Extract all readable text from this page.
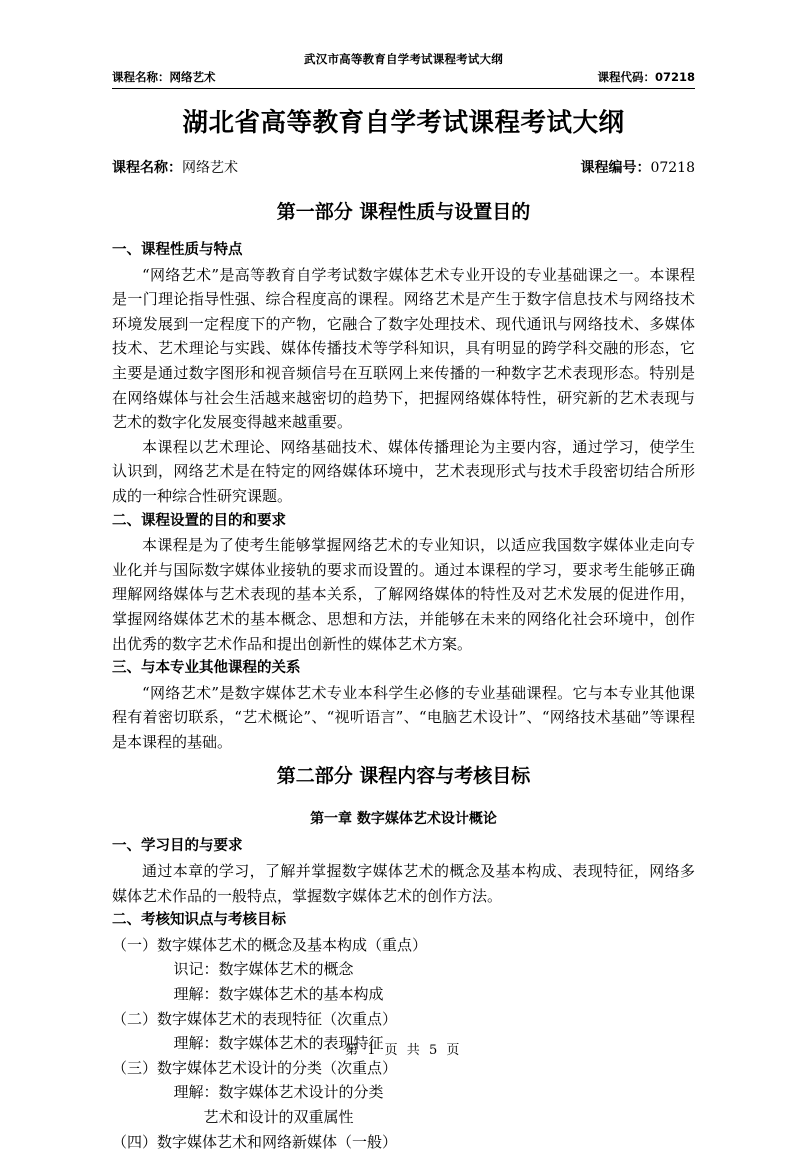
武汉市高等教育自学考试课程考试大纲
课程名称：网络艺术	课程代码：07218
湖北省高等教育自学考试课程考试大纲
课程名称：网络艺术	课程编号：07218
第一部分 课程性质与设置目的
一、课程性质与特点
“网络艺术”是高等教育自学考试数字媒体艺术专业开设的专业基础课之一。本课程是一门理论指导性强、综合程度高的课程。网络艺术是产生于数字信息技术与网络技术环境发展到一定程度下的产物，它融合了数字处理技术、现代通讯与网络技术、多媒体技术、艺术理论与实践、媒体传播技术等学科知识，具有明显的跨学科交融的形态，它主要是通过数字图形和视音频信号在互联网上来传播的一种数字艺术表现形态。特别是在网络媒体与社会生活越来越密切的趋势下，把握网络媒体特性，研究新的艺术表现与艺术的数字化发展变得越来越重要。
本课程以艺术理论、网络基础技术、媒体传播理论为主要内容，通过学习，使学生认识到，网络艺术是在特定的网络媒体环境中，艺术表现形式与技术手段密切结合所形成的一种综合性研究课题。
二、课程设置的目的和要求
本课程是为了使考生能够掌握网络艺术的专业知识，以适应我国数字媒体业走向专业化并与国际数字媒体业接轨的要求而设置的。通过本课程的学习，要求考生能够正确理解网络媒体与艺术表现的基本关系，了解网络媒体的特性及对艺术发展的促进作用，掌握网络媒体艺术的基本概念、思想和方法，并能够在未来的网络化社会环境中，创作出优秀的数字艺术作品和提出创新性的媒体艺术方案。
三、与本专业其他课程的关系
“网络艺术”是数字媒体艺术专业本科学生必修的专业基础课程。它与本专业其他课程有着密切联系，“艺术概论”、“视听语言”、“电脑艺术设计”、“网络技术基础”等课程是本课程的基础。
第二部分 课程内容与考核目标
第一章 数字媒体艺术设计概论
一、学习目的与要求
通过本章的学习，了解并掌握数字媒体艺术的概念及基本构成、表现特征，网络多媒体艺术作品的一般特点，掌握数字媒体艺术的创作方法。
二、考核知识点与考核目标
（一）数字媒体艺术的概念及基本构成（重点）
识记：数字媒体艺术的概念
理解：数字媒体艺术的基本构成
（二）数字媒体艺术的表现特征（次重点）
理解：数字媒体艺术的表现特征
（三）数字媒体艺术设计的分类（次重点）
理解：数字媒体艺术设计的分类
艺术和设计的双重属性
（四）数字媒体艺术和网络新媒体（一般）
第 1 页 共 5 页
